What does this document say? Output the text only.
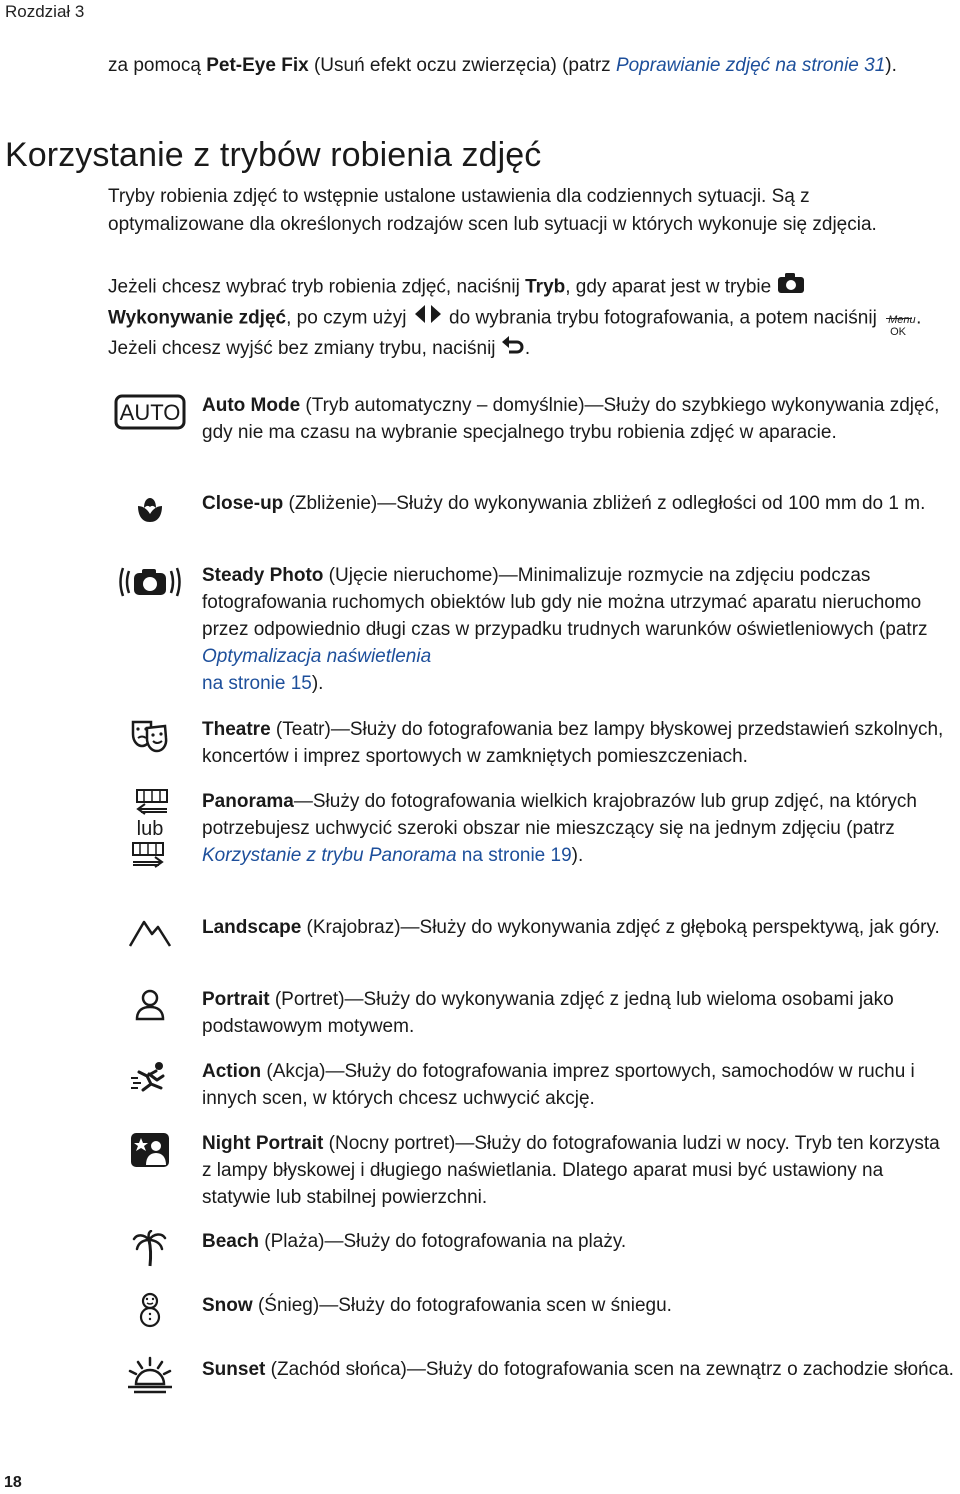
Rozdział 3
za pomocą Pet-Eye Fix (Usuń efekt oczu zwierzęcia) (patrz Poprawianie zdjęć na stronie 31).
Korzystanie z trybów robienia zdjęć
Tryby robienia zdjęć to wstępnie ustalone ustawienia dla codziennych sytuacji. Są z optymalizowane dla określonych rodzajów scen lub sytuacji w których wykonuje się zdjęcia.
Jeżeli chcesz wybrać tryb robienia zdjęć, naciśnij Tryb, gdy aparat jest w trybie
Wykonywanie zdjęć, po czym użyj  do wybrania trybu fotografowania, a potem naciśnij Menu
OK
. Jeżeli chcesz wyjść bez zmiany trybu, naciśnij .
AUTO Auto Mode (Tryb automatyczny – domyślnie)—Służy do szybkiego wykonywania zdjęć, gdy nie ma czasu na wybranie specjalnego trybu robienia zdjęć w aparacie.
Close-up (Zbliżenie)—Służy do wykonywania zbliżeń z odległości od 100 mm do 1 m.
Steady Photo (Ujęcie nieruchome)—Minimalizuje rozmycie na zdjęciu podczas fotografowania ruchomych obiektów lub gdy nie można utrzymać aparatu nieruchomo przez odpowiednio długi czas w przypadku trudnych warunków oświetleniowych (patrz Optymalizacja naświetlenia
na stronie 15).
Theatre (Teatr)—Służy do fotografowania bez lampy błyskowej przedstawień szkolnych, koncertów i imprez sportowych w zamkniętych pomieszczeniach.
lub
Panorama—Służy do fotografowania wielkich krajobrazów lub grup zdjęć, na których potrzebujesz uchwycić szeroki obszar nie mieszczący się na jednym zdjęciu (patrz Korzystanie z trybu Panorama na stronie 19).
Landscape (Krajobraz)—Służy do wykonywania zdjęć z głęboką perspektywą, jak góry.
Portrait (Portret)—Służy do wykonywania zdjęć z jedną lub wieloma osobami jako podstawowym motywem.
Action (Akcja)—Służy do fotografowania imprez sportowych, samochodów w ruchu i innych scen, w których chcesz uchwycić akcję.
Night Portrait (Nocny portret)—Służy do fotografowania ludzi w nocy. Tryb ten korzysta z lampy błyskowej i długiego naświetlania. Dlatego aparat musi być ustawiony na statywie lub stabilnej powierzchni.
Beach (Plaża)—Służy do fotografowania na plaży.
Snow (Śnieg)—Służy do fotografowania scen w śniegu.
Sunset (Zachód słońca)—Służy do fotografowania scen na zewnątrz o zachodzie słońca.
18
